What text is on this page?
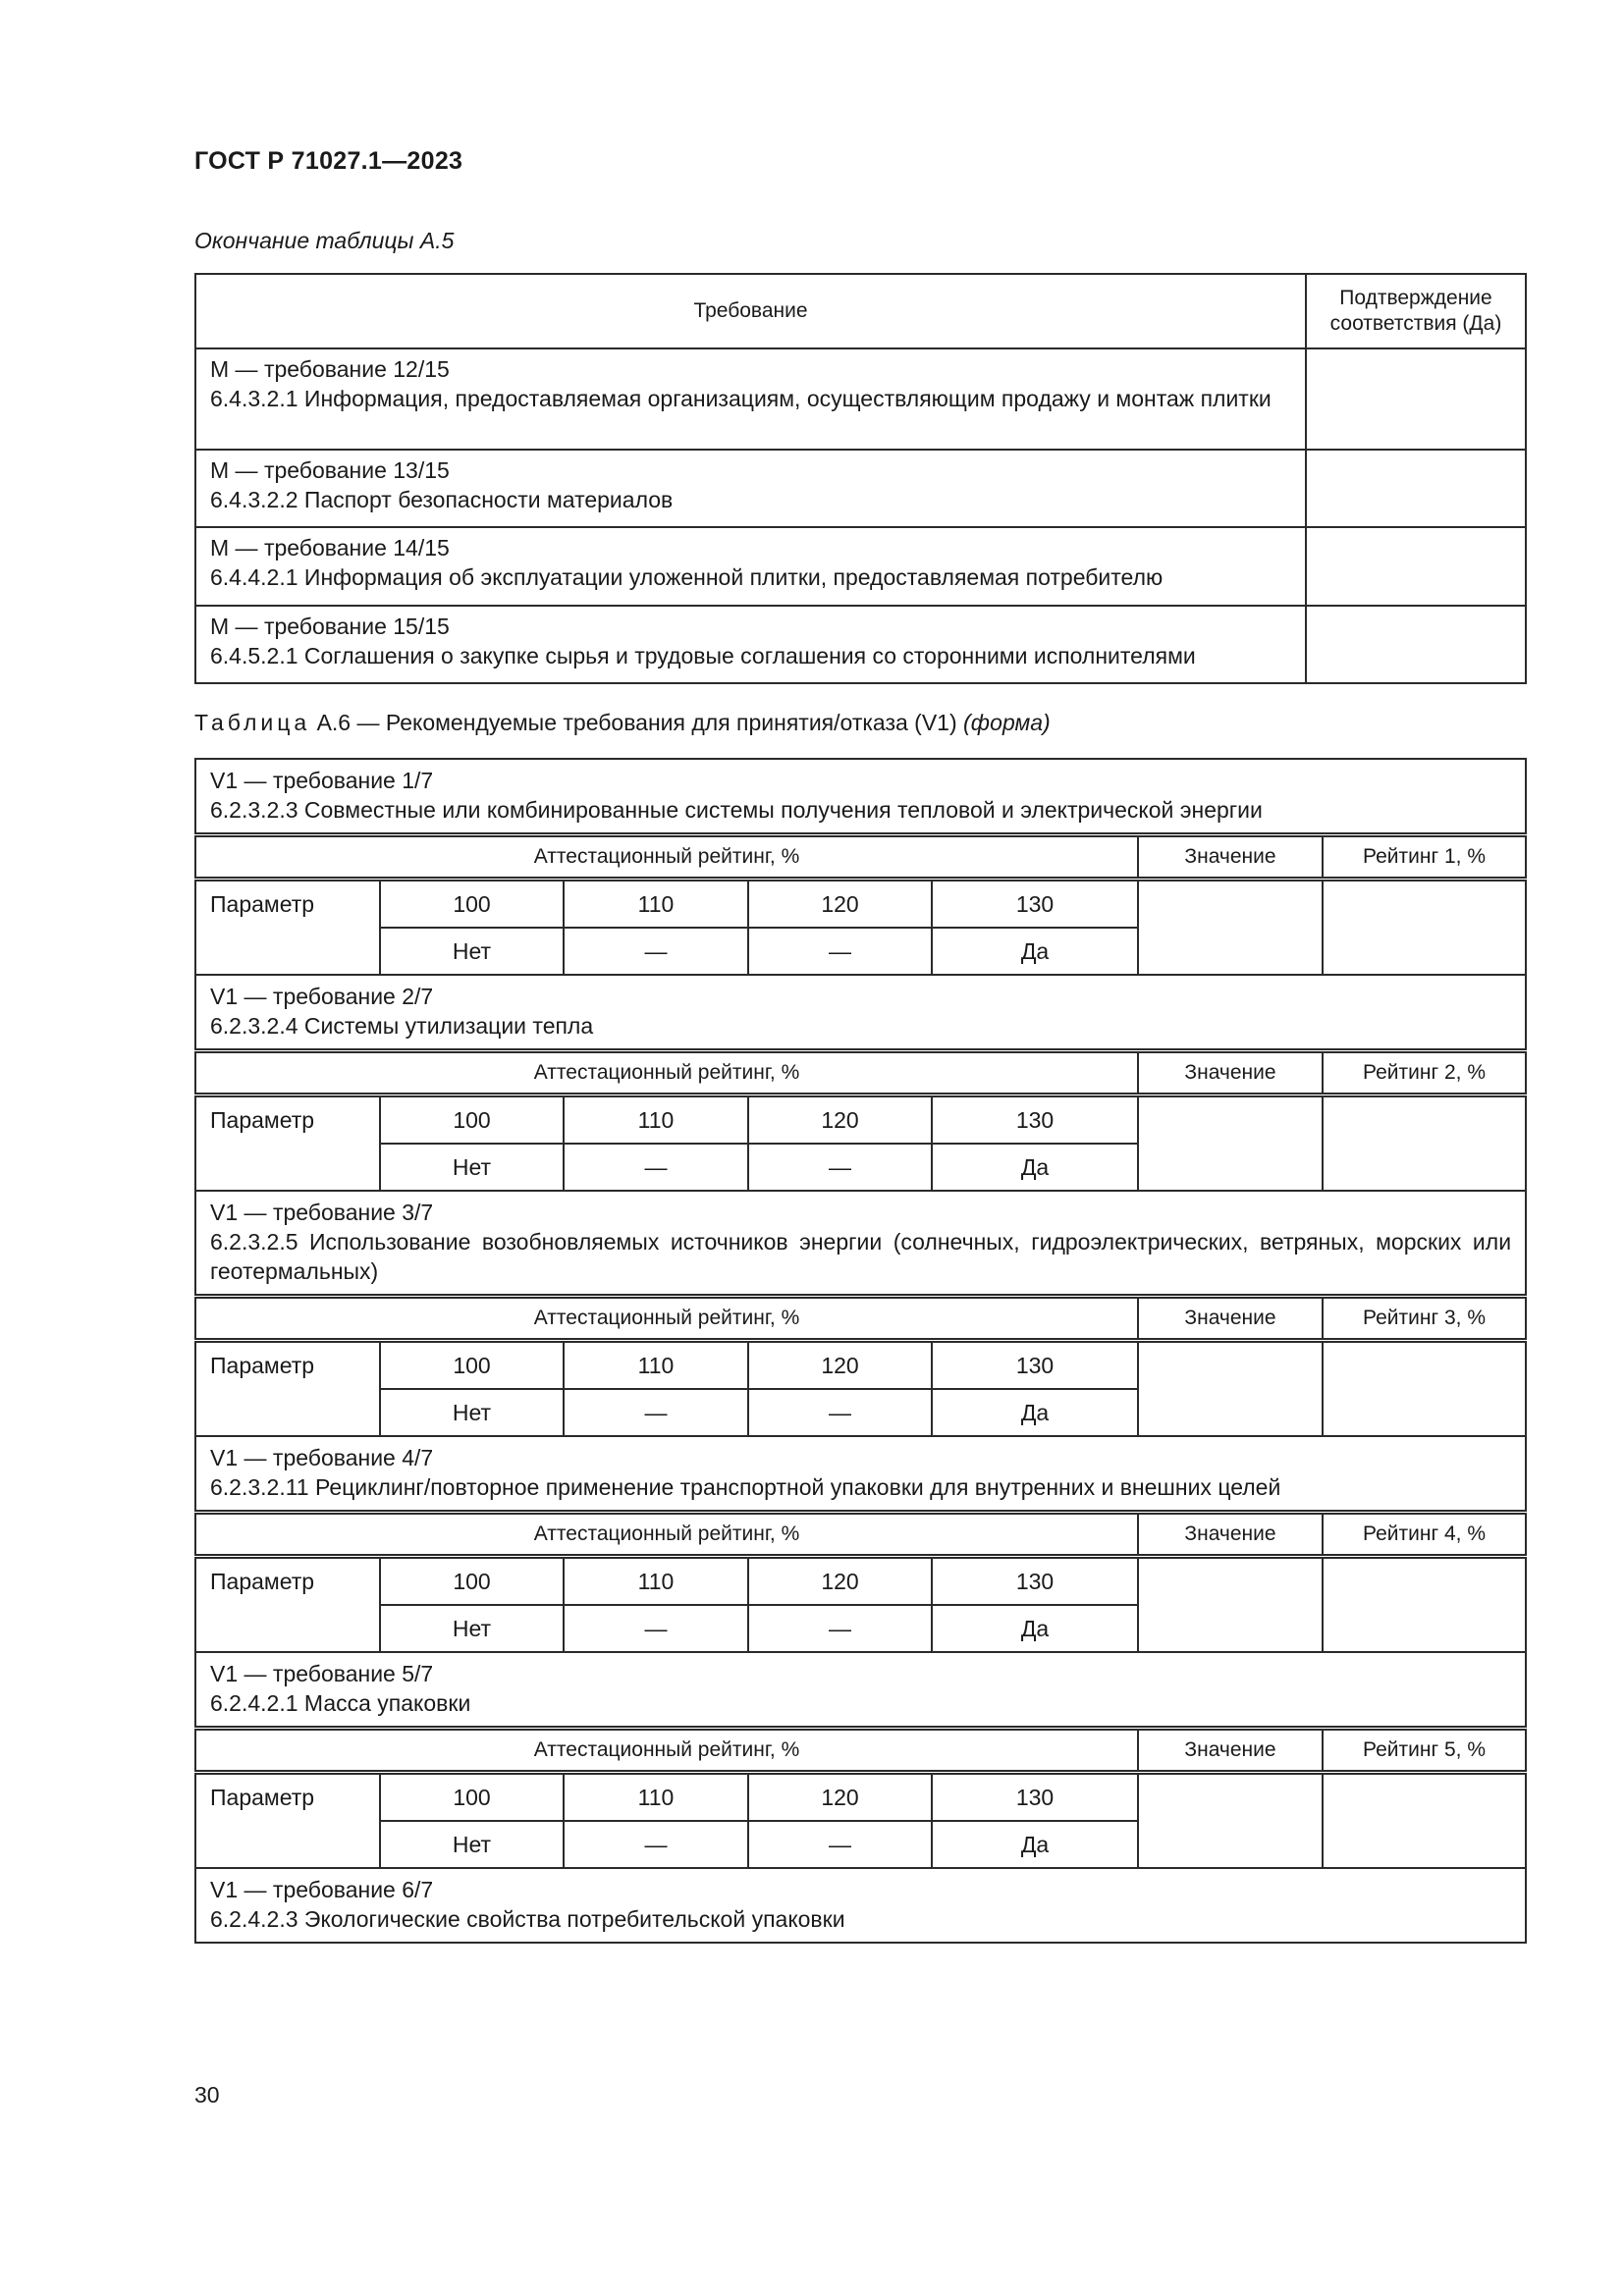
ГОСТ Р 71027.1—2023
Окончание таблицы А.5
Требование	Подтверждение
соответствия (Да)

M — требование 12/15
6.4.3.2.1 Информация, предоставляемая организациям, осуществляющим продажу и монтаж плитки	

M — требование 13/15
6.4.3.2.2 Паспорт безопасности материалов	

M — требование 14/15
6.4.4.2.1 Информация об эксплуатации уложенной плитки, предоставляемая потребителю	

M — требование 15/15
6.4.5.2.1 Соглашения о закупке сырья и трудовые соглашения со сторонними исполнителями	

Таблица А.6 — Рекомендуемые требования для принятия/отказа (V1) (форма)
V1 — требование 1/7
6.2.3.2.3 Совместные или комбинированные системы получения тепловой и электрической энергии						

Аттестационный рейтинг, %					Значение	Рейтинг 1, %
Параметр	100	110	120	130		
	Нет	—	—	Да		

V1 — требование 2/7
6.2.3.2.4 Системы утилизации тепла						

Аттестационный рейтинг, %					Значение	Рейтинг 2, %
Параметр	100	110	120	130		
	Нет	—	—	Да		

V1 — требование 3/7
6.2.3.2.5 Использование возобновляемых источников энергии (солнечных, гидроэлектрических, ветряных, морских или геотермальных)						

Аттестационный рейтинг, %					Значение	Рейтинг 3, %
Параметр	100	110	120	130		
	Нет	—	—	Да		

V1 — требование 4/7
6.2.3.2.11 Рециклинг/повторное применение транспортной упаковки для внутренних и внешних целей						

Аттестационный рейтинг, %					Значение	Рейтинг 4, %
Параметр	100	110	120	130		
	Нет	—	—	Да		

V1 — требование 5/7
6.2.4.2.1 Масса упаковки						

Аттестационный рейтинг, %					Значение	Рейтинг 5, %
Параметр	100	110	120	130		
	Нет	—	—	Да		

V1 — требование 6/7
6.2.4.2.3 Экологические свойства потребительской упаковки						
30
